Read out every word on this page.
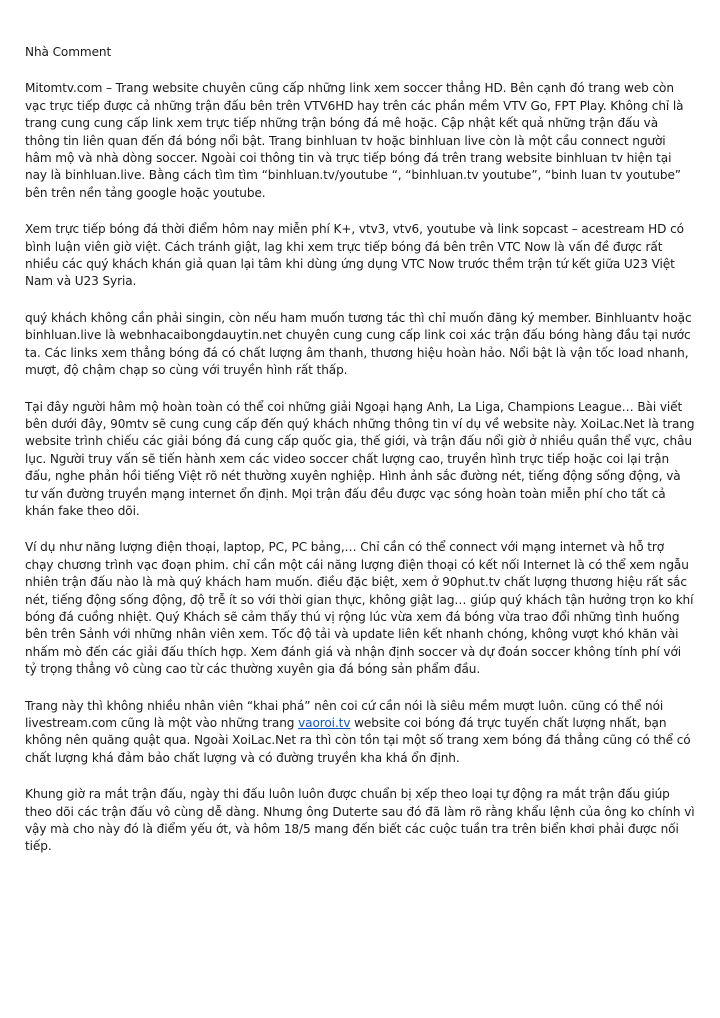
Nhà Comment

Mitomtv.com – Trang website chuyên cũng cấp những link xem soccer thẳng HD. Bên cạnh đó trang web còn vạc trực tiếp được cả những trận đấu bên trên VTV6HD hay trên các phần mềm VTV Go, FPT Play. Không chỉ là trang cung cung cấp link xem trực tiếp những trận bóng đá mê hoặc. Cập nhật kết quả những trận đấu và thông tin liên quan đến đá bóng nổi bật. Trang binhluan tv hoặc binhluan live còn là một cầu connect người hâm mộ và nhà dòng soccer. Ngoài coi thông tin và trực tiếp bóng đá trên trang website binhluan tv hiện tại nay là binhluan.live. Bằng cách tìm tìm “binhluan.tv/youtube “, “binhluan.tv youtube”, “binh luan tv youtube” bên trên nền tảng google hoặc youtube.

Xem trực tiếp bóng đá thời điểm hôm nay miễn phí K+, vtv3, vtv6, youtube và link sopcast – acestream HD có bình luận viên giờ việt. Cách tránh giật, lag khi xem trực tiếp bóng đá bên trên VTC Now là vấn đề được rất nhiều các quý khách khán giả quan lại tâm khi dùng ứng dụng VTC Now trước thềm trận tứ kết giữa U23 Việt Nam và U23 Syria.

quý khách không cần phải singin, còn nếu ham muốn tương tác thì chỉ muốn đăng ký member. Binhluantv hoặc binhluan.live là webnhacaibongdauytin.net chuyên cung cung cấp link coi xác trận đấu bóng hàng đầu tại nước ta. Các links xem thẳng bóng đá có chất lượng âm thanh, thương hiệu hoàn hảo. Nổi bật là vận tốc load nhanh, mượt, độ chậm chạp so cùng với truyền hình rất thấp.

Tại đây người hâm mộ hoàn toàn có thể coi những giải Ngoại hạng Anh, La Liga, Champions League… Bài viết bên dưới đây, 90mtv sẽ cung cung cấp đến quý khách những thông tin ví dụ về website này. XoiLac.Net là trang website trình chiếu các giải bóng đá cung cấp quốc gia, thế giới, và trận đấu nổi giờ ở nhiều quần thể vực, châu lục. Người truy vấn sẽ tiến hành xem các video soccer chất lượng cao, truyền hình trực tiếp hoặc coi lại trận đấu, nghe phản hồi tiếng Việt rõ nét thường xuyên nghiệp. Hình ảnh sắc đường nét, tiếng động sống động, và tư vấn đường truyền mạng internet ổn định. Mọi trận đấu đều được vạc sóng hoàn toàn miễn phí cho tất cả khán fake theo dõi.

Ví dụ như năng lượng điện thoại, laptop, PC, PC bảng,… Chỉ cần có thể connect với mạng internet và hỗ trợ chạy chương trình vạc đoạn phim. chỉ cần một cái năng lượng điện thoại có kết nối Internet là có thể xem ngẫu nhiên trận đấu nào là mà quý khách ham muốn. điều đặc biệt, xem ở 90phut.tv chất lượng thương hiệu rất sắc nét, tiếng động sống động, độ trễ ít so với thời gian thực, không giật lag… giúp quý khách tận hưởng trọn ko khí bóng đá cuồng nhiệt. Quý Khách sẽ cảm thấy thú vị rộng lúc vừa xem đá bóng vừa trao đổi những tình huống bên trên Sảnh với những nhân viên xem. Tốc độ tải và update liên kết nhanh chóng, không vượt khó khăn vài nhấm mò đến các giải đấu thích hợp. Xem đánh giá và nhận định soccer và dự đoán soccer không tính phí với tỷ trọng thẳng vô cùng cao từ các thường xuyên gia đá bóng sản phẩm đầu.

Trang này thì không nhiều nhân viên “khai phá” nên coi cứ cần nói là siêu mềm mượt luôn. cũng có thể nói livestream.com cũng là một vào những trang vaoroi.tv website coi bóng đá trực tuyến chất lượng nhất, bạn không nên quăng quật qua. Ngoài XoiLac.Net ra thì còn tồn tại một số trang xem bóng đá thẳng cũng có thể có chất lượng khá đảm bảo chất lượng và có đường truyền kha khá ổn định.

Khung giờ ra mắt trận đấu, ngày thi đấu luôn luôn được chuẩn bị xếp theo loại tự động ra mắt trận đấu giúp theo dõi các trận đấu vô cùng dễ dàng. Nhưng ông Duterte sau đó đã làm rõ rằng khẩu lệnh của ông ko chính vì vậy mà cho này đó là điểm yếu ớt, và hôm 18/5 mang đến biết các cuộc tuần tra trên biển khơi phải được nối tiếp.
